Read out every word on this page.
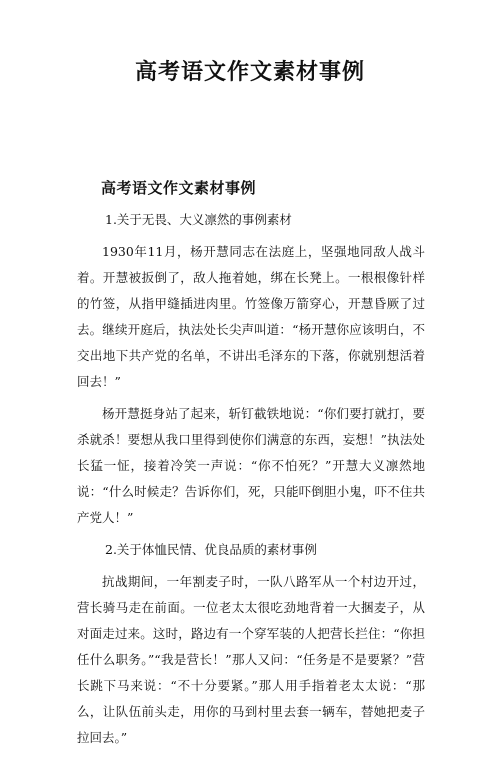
高考语文作文素材事例
高考语文作文素材事例

1.关于无畏、大义凛然的事例素材

1930年11月，杨开慧同志在法庭上，坚强地同敌人战斗着。开慧被扳倒了，敌人拖着她，绑在长凳上。一根根像针样的竹签，从指甲缝插进肉里。竹签像万箭穿心，开慧昏厥了过去。继续开庭后，执法处长尖声叫道：“杨开慧你应该明白，不交出地下共产党的名单，不讲出毛泽东的下落，你就别想活着回去！”

杨开慧挺身站了起来，斩钉截铁地说：“你们要打就打，要杀就杀！要想从我口里得到使你们满意的东西，妄想！”执法处长猛一怔，接着冷笑一声说：“你不怕死？”开慧大义凛然地说：“什么时候走？告诉你们，死，只能吓倒胆小鬼，吓不住共产党人！”

2.关于体恤民情、优良品质的素材事例

抗战期间，一年割麦子时，一队八路军从一个村边开过，营长骑马走在前面。一位老太太很吃劲地背着一大捆麦子，从对面走过来。这时，路边有一个穿军装的人把营长拦住：“你担任什么职务。”“我是营长！”那人又问：“任务是不是要紧？”营长跳下马来说：“不十分要紧。”那人用手指着老太太说：“那么，让队伍前头走，用你的马到村里去套一辆车，替她把麦子拉回去。”
